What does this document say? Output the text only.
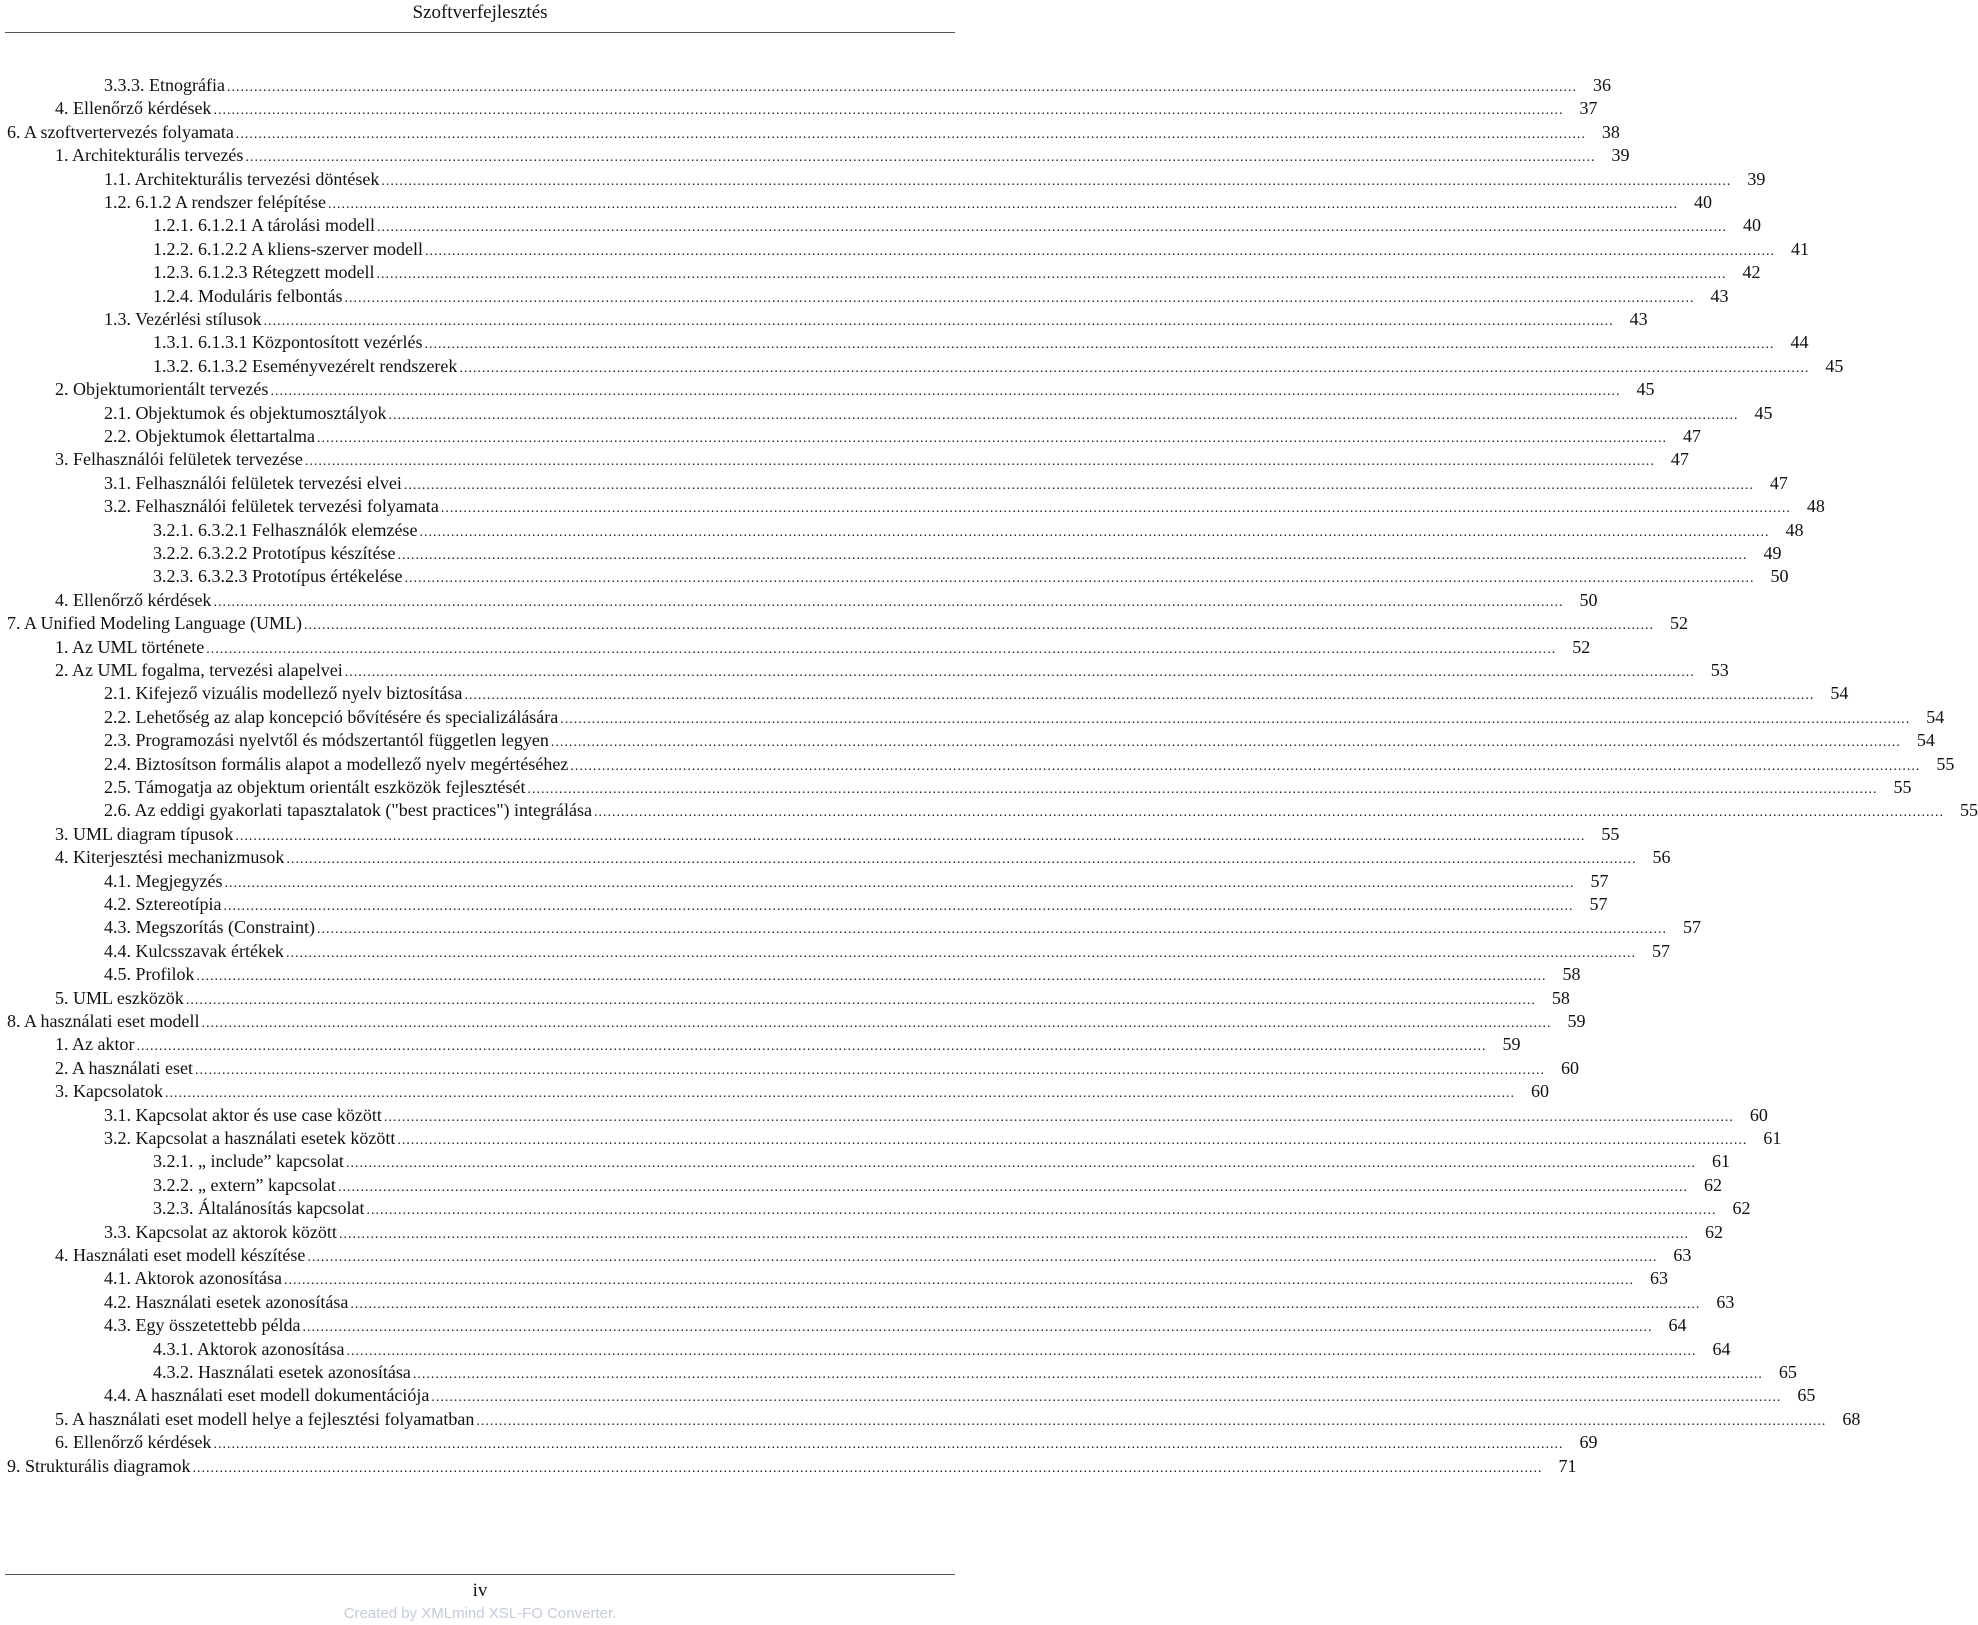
Szoftverfejlesztés
3.3.3. Etnográfia ............................................................................................................................................................................................................................................................................................................ 36
4. Ellenőrző kérdések ............................................................................................................................................................................................................................................................................................................ 37
6. A szoftvertervezés folyamata ............................................................................................................................................................................................................................................................................................................ 38
1. Architekturális tervezés ............................................................................................................................................................................................................................................................................................................ 39
1.1. Architekturális tervezési döntések ............................................................................................................................................................................................................................................................................................................ 39
1.2. 6.1.2 A rendszer felépítése ............................................................................................................................................................................................................................................................................................................ 40
1.2.1. 6.1.2.1 A tárolási modell ............................................................................................................................................................................................................................................................................................................ 40
1.2.2. 6.1.2.2 A kliens-szerver modell ............................................................................................................................................................................................................................................................................................................ 41
1.2.3. 6.1.2.3 Rétegzett modell ............................................................................................................................................................................................................................................................................................................ 42
1.2.4. Moduláris felbontás ............................................................................................................................................................................................................................................................................................................ 43
1.3. Vezérlési stílusok ............................................................................................................................................................................................................................................................................................................ 43
1.3.1. 6.1.3.1 Központosított vezérlés ............................................................................................................................................................................................................................................................................................................ 44
1.3.2. 6.1.3.2 Eseményvezérelt rendszerek ............................................................................................................................................................................................................................................................................................................ 45
2. Objektumorientált tervezés ............................................................................................................................................................................................................................................................................................................ 45
2.1. Objektumok és objektumosztályok ............................................................................................................................................................................................................................................................................................................ 45
2.2. Objektumok élettartalma ............................................................................................................................................................................................................................................................................................................ 47
3. Felhasználói felületek tervezése ............................................................................................................................................................................................................................................................................................................ 47
3.1. Felhasználói felületek tervezési elvei ............................................................................................................................................................................................................................................................................................................ 47
3.2. Felhasználói felületek tervezési folyamata ............................................................................................................................................................................................................................................................................................................ 48
3.2.1. 6.3.2.1 Felhasználók elemzése ............................................................................................................................................................................................................................................................................................................ 48
3.2.2. 6.3.2.2 Prototípus készítése ............................................................................................................................................................................................................................................................................................................ 49
3.2.3. 6.3.2.3 Prototípus értékelése ............................................................................................................................................................................................................................................................................................................ 50
4. Ellenőrző kérdések ............................................................................................................................................................................................................................................................................................................ 50
7. A Unified Modeling Language (UML) ............................................................................................................................................................................................................................................................................................................ 52
1. Az UML története ............................................................................................................................................................................................................................................................................................................ 52
2. Az UML fogalma, tervezési alapelvei ............................................................................................................................................................................................................................................................................................................ 53
2.1. Kifejező vizuális modellező nyelv biztosítása ............................................................................................................................................................................................................................................................................................................ 54
2.2. Lehetőség az alap koncepció bővítésére és specializálására ............................................................................................................................................................................................................................................................................................................ 54
2.3. Programozási nyelvtől és módszertantól független legyen ............................................................................................................................................................................................................................................................................................................ 54
2.4. Biztosítson formális alapot a modellező nyelv megértéséhez ............................................................................................................................................................................................................................................................................................................ 55
2.5. Támogatja az objektum orientált eszközök fejlesztését ............................................................................................................................................................................................................................................................................................................ 55
2.6. Az eddigi gyakorlati tapasztalatok ("best practices") integrálása ............................................................................................................................................................................................................................................................................................................ 55
3. UML diagram típusok ............................................................................................................................................................................................................................................................................................................ 55
4. Kiterjesztési mechanizmusok ............................................................................................................................................................................................................................................................................................................ 56
4.1. Megjegyzés ............................................................................................................................................................................................................................................................................................................ 57
4.2. Sztereotípia ............................................................................................................................................................................................................................................................................................................ 57
4.3. Megszorítás (Constraint) ............................................................................................................................................................................................................................................................................................................ 57
4.4. Kulcsszavak értékek ............................................................................................................................................................................................................................................................................................................ 57
4.5. Profilok ............................................................................................................................................................................................................................................................................................................ 58
5. UML eszközök ............................................................................................................................................................................................................................................................................................................ 58
8. A használati eset modell ............................................................................................................................................................................................................................................................................................................ 59
1. Az aktor ............................................................................................................................................................................................................................................................................................................ 59
2. A használati eset ............................................................................................................................................................................................................................................................................................................ 60
3. Kapcsolatok ............................................................................................................................................................................................................................................................................................................ 60
3.1. Kapcsolat aktor és use case között ............................................................................................................................................................................................................................................................................................................ 60
3.2. Kapcsolat a használati esetek között ............................................................................................................................................................................................................................................................................................................ 61
3.2.1. „ include” kapcsolat ............................................................................................................................................................................................................................................................................................................ 61
3.2.2. „ extern” kapcsolat ............................................................................................................................................................................................................................................................................................................ 62
3.2.3. Általánosítás kapcsolat ............................................................................................................................................................................................................................................................................................................ 62
3.3. Kapcsolat az aktorok között ............................................................................................................................................................................................................................................................................................................ 62
4. Használati eset modell készítése ............................................................................................................................................................................................................................................................................................................ 63
4.1. Aktorok azonosítása ............................................................................................................................................................................................................................................................................................................ 63
4.2. Használati esetek azonosítása ............................................................................................................................................................................................................................................................................................................ 63
4.3. Egy összetettebb példa ............................................................................................................................................................................................................................................................................................................ 64
4.3.1. Aktorok azonosítása ............................................................................................................................................................................................................................................................................................................ 64
4.3.2. Használati esetek azonosítása ............................................................................................................................................................................................................................................................................................................ 65
4.4. A használati eset modell dokumentációja ............................................................................................................................................................................................................................................................................................................ 65
5. A használati eset modell helye a fejlesztési folyamatban ............................................................................................................................................................................................................................................................................................................ 68
6. Ellenőrző kérdések ............................................................................................................................................................................................................................................................................................................ 69
9. Strukturális diagramok ............................................................................................................................................................................................................................................................................................................ 71
iv
Created by XMLmind XSL-FO Converter.
